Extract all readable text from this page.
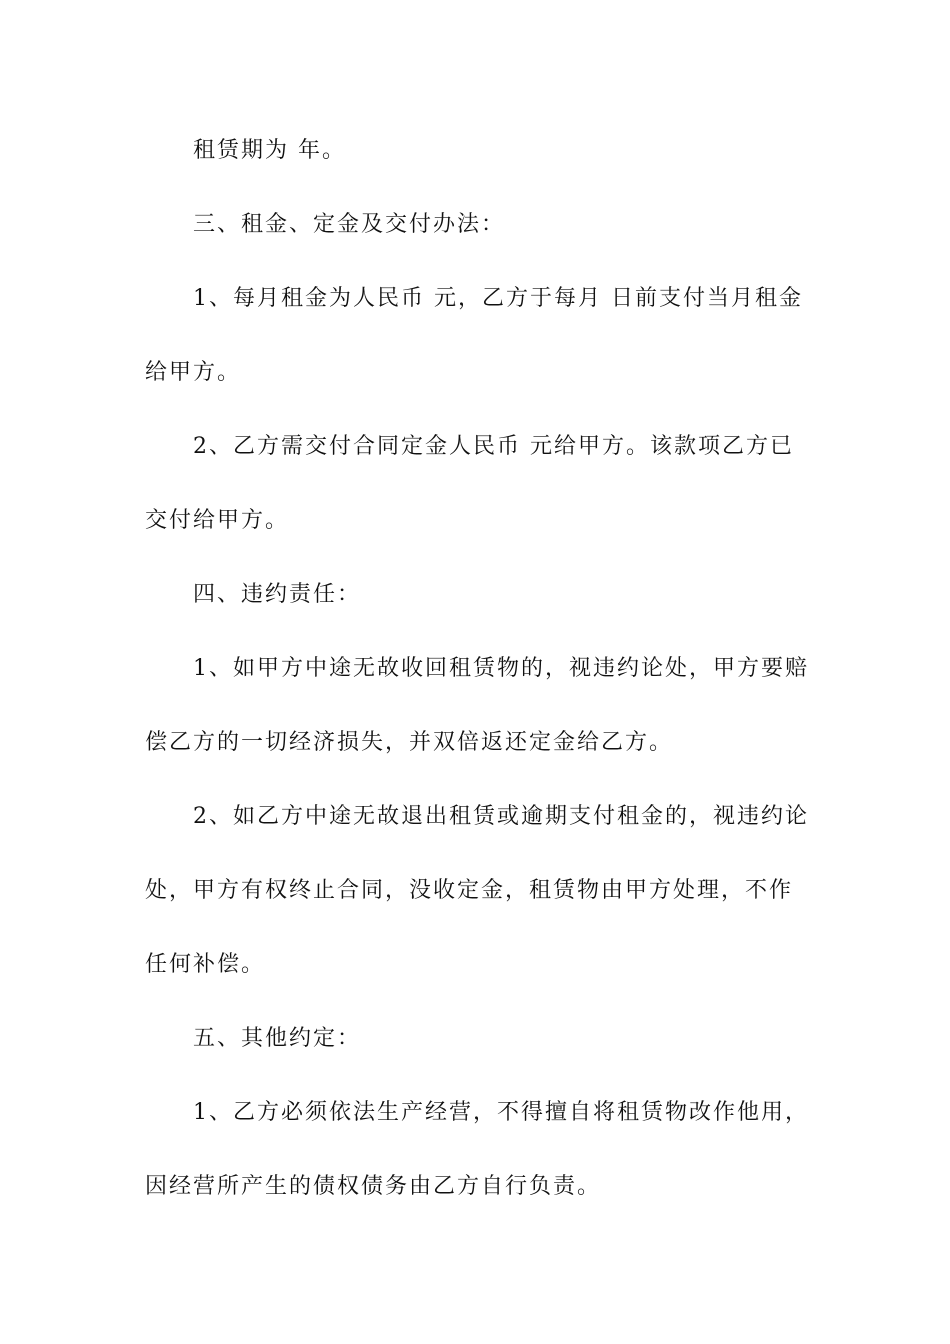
租赁期为 年。

三、租金、定金及交付办法：

1、每月租金为人民币 元，乙方于每月 日前支付当月租金

给甲方。

2、乙方需交付合同定金人民币 元给甲方。该款项乙方已

交付给甲方。

四、违约责任：

1、如甲方中途无故收回租赁物的，视违约论处，甲方要赔

偿乙方的一切经济损失，并双倍返还定金给乙方。

2、如乙方中途无故退出租赁或逾期支付租金的，视违约论

处，甲方有权终止合同，没收定金，租赁物由甲方处理，不作

任何补偿。

五、其他约定：

1、乙方必须依法生产经营，不得擅自将租赁物改作他用，

因经营所产生的债权债务由乙方自行负责。
